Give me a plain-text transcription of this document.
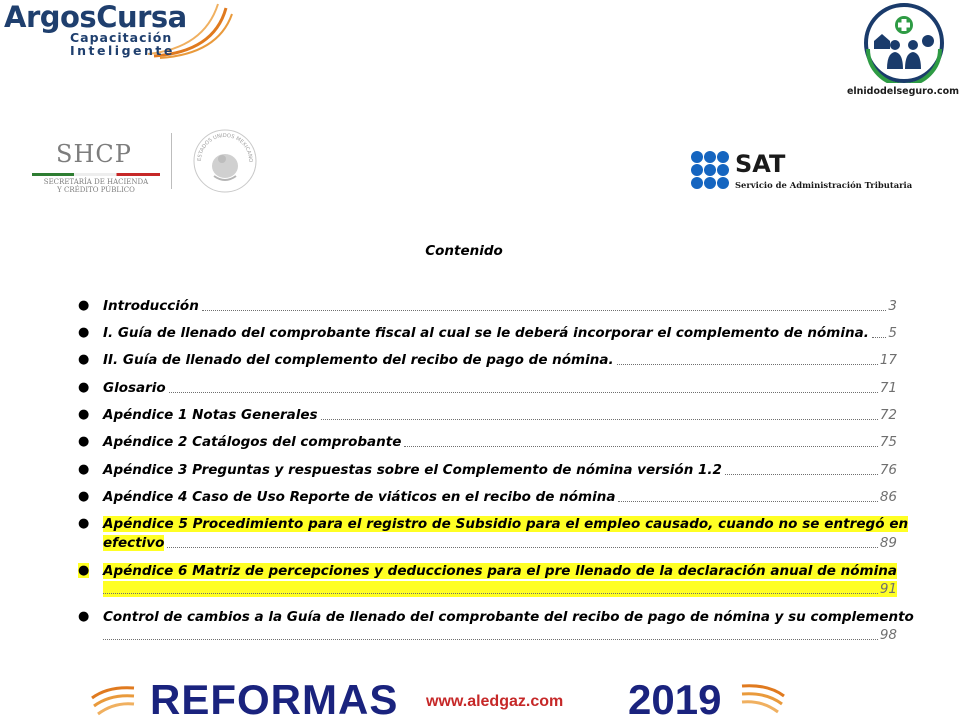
ArgosCursa
Capacitación
Inteligente
elnidodelseguro.com
SHCP
SECRETARÍA DE HACIENDA
Y CRÉDITO PÚBLICO
ESTADOS UNIDOS MEXICANO	SAT
Servicio de Administración Tributaria
Contenido
● Introducción	3
● I. Guía de llenado del comprobante fiscal al cual se le deberá incorporar el complemento de nómina. 5
● II. Guía de llenado del complemento del recibo de pago de nómina.	17
● Glosario	71
● Apéndice 1 Notas Generales	72
● Apéndice 2 Catálogos del comprobante	75
● Apéndice 3 Preguntas y respuestas sobre el Complemento de nómina versión 1.2	76
● Apéndice 4 Caso de Uso Reporte de viáticos en el recibo de nómina	86
● Apéndice 5 Procedimiento para el registro de Subsidio para el empleo causado, cuando no se entregó en
efectivo	89
● Apéndice 6 Matriz de percepciones y deducciones para el pre llenado de la declaración anual de nómina
91
● Control de cambios a la Guía de llenado del comprobante del recibo de pago de nómina y su complemento
98
REFORMAS www.aledgaz.com 2019
